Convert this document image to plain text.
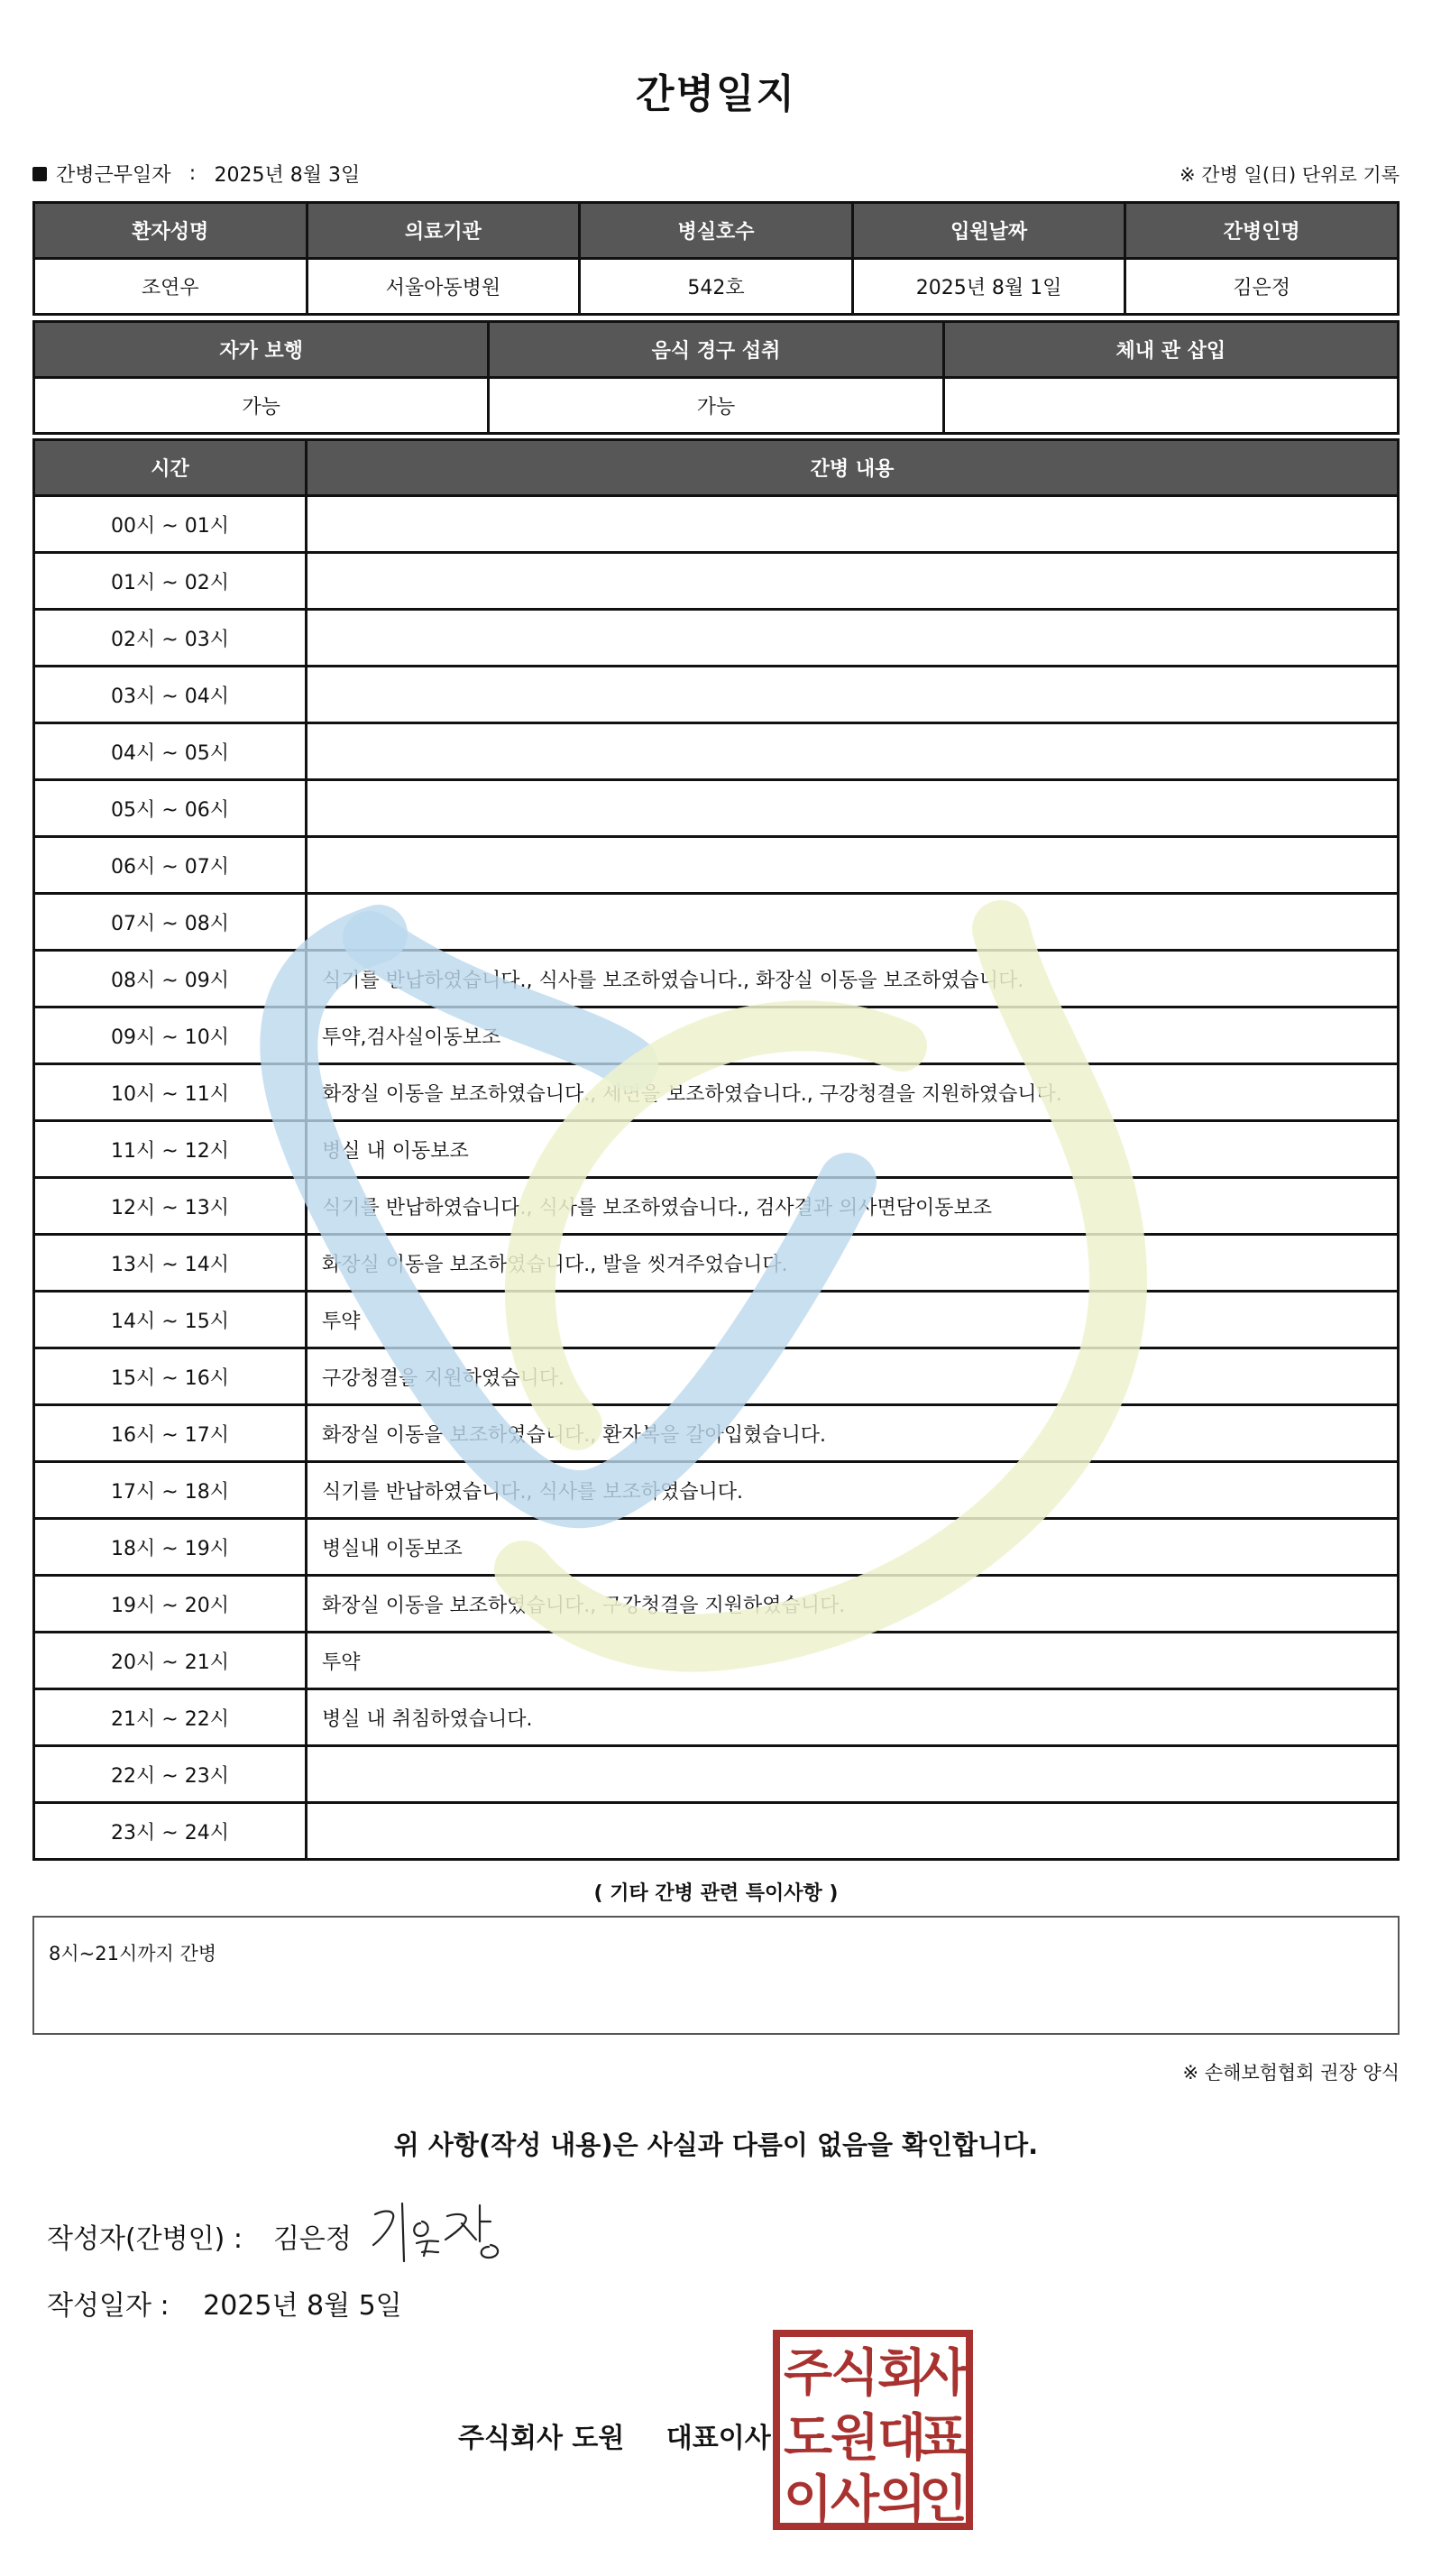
간병일지
간병근무일자 : 2025년 8월 3일	※ 간병 일(日) 단위로 기록
환자성명	의료기관	병실호수	입원날짜	간병인명
조연우	서울아동병원	542호	2025년 8월 1일	김은정
자가 보행	음식 경구 섭취	체내 관 삽입
가능	가능	
시간	간병 내용
00시 ~ 01시	
01시 ~ 02시	
02시 ~ 03시	
03시 ~ 04시	
04시 ~ 05시	
05시 ~ 06시	
06시 ~ 07시	
07시 ~ 08시	
08시 ~ 09시	식기를 반납하였습니다., 식사를 보조하였습니다., 화장실 이동을 보조하였습니다.
09시 ~ 10시	투약,검사실이동보조
10시 ~ 11시	화장실 이동을 보조하였습니다., 세면을 보조하였습니다., 구강청결을 지원하였습니다.
11시 ~ 12시	병실 내 이동보조
12시 ~ 13시	식기를 반납하였습니다., 식사를 보조하였습니다., 검사결과 의사면담이동보조
13시 ~ 14시	화장실 이동을 보조하였습니다., 발을 씻겨주었습니다.
14시 ~ 15시	투약
15시 ~ 16시	구강청결을 지원하였습니다.
16시 ~ 17시	화장실 이동을 보조하였습니다., 환자복을 갈아입혔습니다.
17시 ~ 18시	식기를 반납하였습니다., 식사를 보조하였습니다.
18시 ~ 19시	병실내 이동보조
19시 ~ 20시	화장실 이동을 보조하였습니다., 구강청결을 지원하였습니다.
20시 ~ 21시	투약
21시 ~ 22시	병실 내 취침하였습니다.
22시 ~ 23시	
23시 ~ 24시	
( 기타 간병 관련 특이사항 )
8시~21시까지 간병
※ 손해보험협회 권장 양식
위 사항(작성 내용)은 사실과 다름이 없음을 확인합니다.
작성자(간병인) : 김은정
작성일자 : 2025년 8월 5일
주식회사 도원 대표이사
주
식
회
사
도
원
대
표
이
사
의
인
